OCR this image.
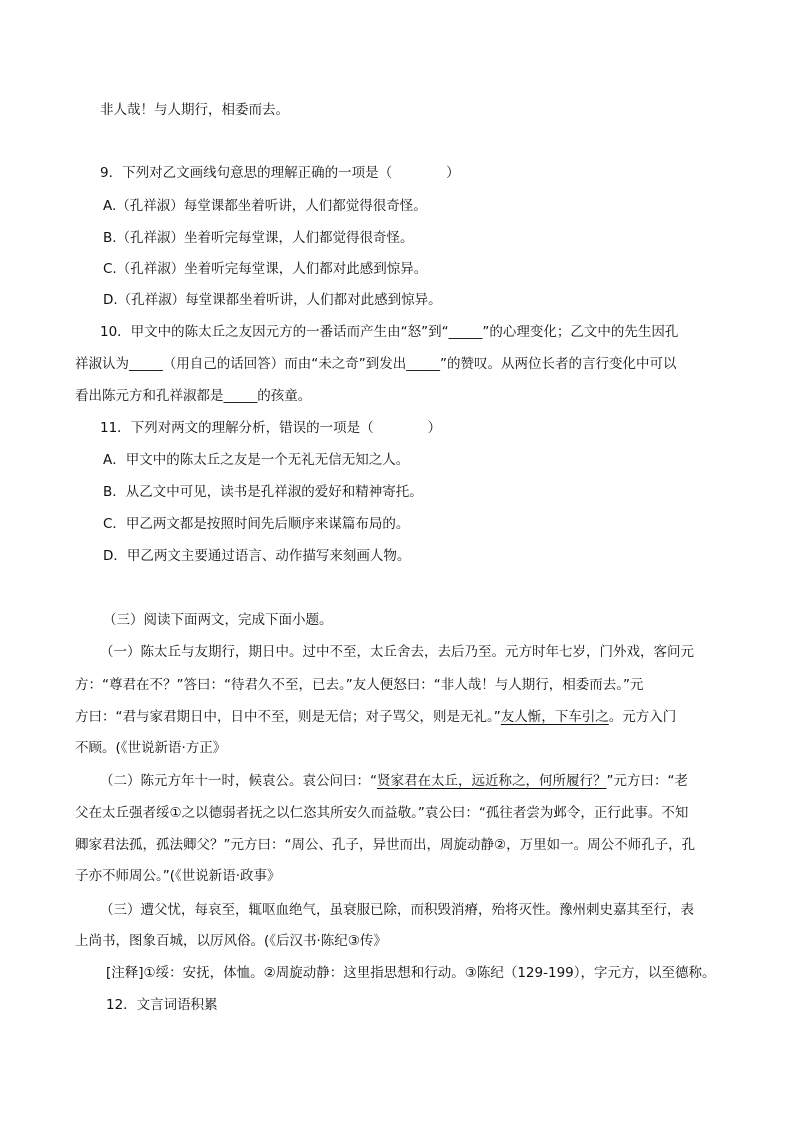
非人哉！与人期行，相委而去。
9．下列对乙文画线句意思的理解正确的一项是（　　　　）
A.（孔祥淑）每堂课都坐着听讲，人们都觉得很奇怪。
B.（孔祥淑）坐着听完每堂课，人们都觉得很奇怪。
C.（孔祥淑）坐着听完每堂课，人们都对此感到惊异。
D.（孔祥淑）每堂课都坐着听讲，人们都对此感到惊异。
10．甲文中的陈太丘之友因元方的一番话而产生由“怒”到“_____”的心理变化；乙文中的先生因孔
祥淑认为_____（用自己的话回答）而由“未之奇”到发出_____”的赞叹。从两位长者的言行变化中可以
看出陈元方和孔祥淑都是_____的孩童。
11．下列对两文的理解分析，错误的一项是（　　　　）
A．甲文中的陈太丘之友是一个无礼无信无知之人。
B．从乙文中可见，读书是孔祥淑的爱好和精神寄托。
C．甲乙两文都是按照时间先后顺序来谋篇布局的。
D．甲乙两文主要通过语言、动作描写来刻画人物。
（三）阅读下面两文，完成下面小题。
（一）陈太丘与友期行，期日中。过中不至，太丘舍去，去后乃至。元方时年七岁，门外戏，客问元
方：“尊君在不？”答曰：“待君久不至，已去。”友人便怒曰：“非人哉！与人期行，相委而去。”元
方曰：“君与家君期日中，日中不至，则是无信；对子骂父，则是无礼。”友人惭，下车引之。元方入门
不顾。(《世说新语·方正》
（二）陈元方年十一时，候袁公。袁公问曰：“贤家君在太丘，远近称之，何所履行？”元方曰：“老
父在太丘强者绥①之以德弱者抚之以仁恣其所安久而益敬。”袁公曰：“孤往者尝为邺令，正行此事。不知
卿家君法孤，孤法卿父？”元方曰：“周公、孔子，异世而出，周旋动静②，万里如一。周公不师孔子，孔
子亦不师周公。”(《世说新语·政事》
（三）遭父忧，每哀至，辄呕血绝气，虽衰服已除，而积毁消瘠，殆将灭性。豫州刺史嘉其至行，表
上尚书，图象百城，以厉风俗。(《后汉书·陈纪③传》
[注释]①绥：安抚，体恤。②周旋动静：这里指思想和行动。③陈纪（129-199），字元方，以至德称。
12．文言词语积累
